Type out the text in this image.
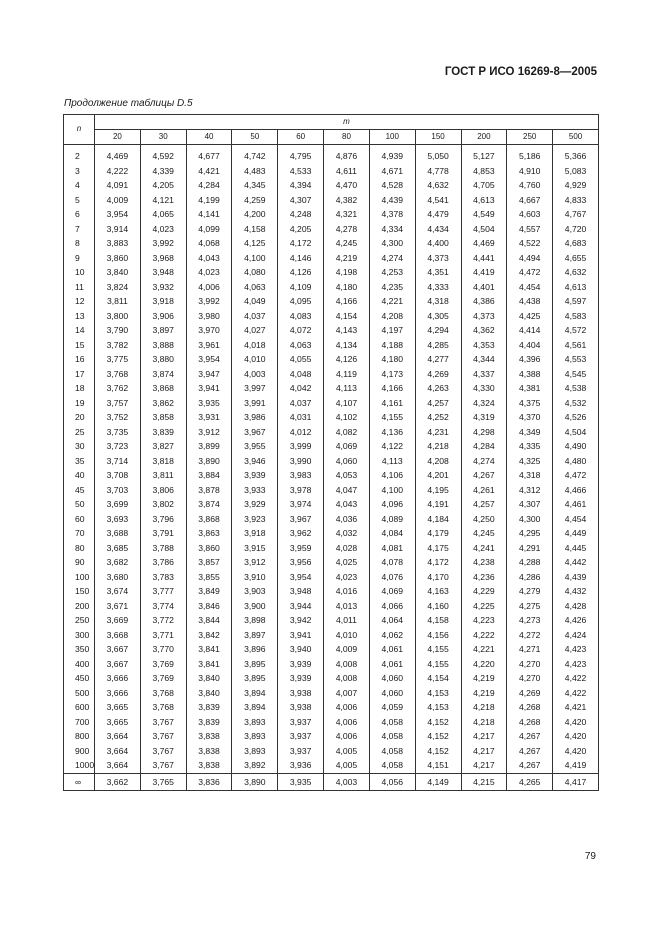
ГОСТ Р ИСО 16269-8—2005
Продолжение таблицы D.5
n	m										
	20	30	40	50	60	80	100	150	200	250	500

2	4,469	4,592	4,677	4,742	4,795	4,876	4,939	5,050	5,127	5,186	5,366
3	4,222	4,339	4,421	4,483	4,533	4,611	4,671	4,778	4,853	4,910	5,083
4	4,091	4,205	4,284	4,345	4,394	4,470	4,528	4,632	4,705	4,760	4,929
5	4,009	4,121	4,199	4,259	4,307	4,382	4,439	4,541	4,613	4,667	4,833
6	3,954	4,065	4,141	4,200	4,248	4,321	4,378	4,479	4,549	4,603	4,767
7	3,914	4,023	4,099	4,158	4,205	4,278	4,334	4,434	4,504	4,557	4,720
8	3,883	3,992	4,068	4,125	4,172	4,245	4,300	4,400	4,469	4,522	4,683
9	3,860	3,968	4,043	4,100	4,146	4,219	4,274	4,373	4,441	4,494	4,655
10	3,840	3,948	4,023	4,080	4,126	4,198	4,253	4,351	4,419	4,472	4,632
11	3,824	3,932	4,006	4,063	4,109	4,180	4,235	4,333	4,401	4,454	4,613
12	3,811	3,918	3,992	4,049	4,095	4,166	4,221	4,318	4,386	4,438	4,597
13	3,800	3,906	3,980	4,037	4,083	4,154	4,208	4,305	4,373	4,425	4,583
14	3,790	3,897	3,970	4,027	4,072	4,143	4,197	4,294	4,362	4,414	4,572
15	3,782	3,888	3,961	4,018	4,063	4,134	4,188	4,285	4,353	4,404	4,561
16	3,775	3,880	3,954	4,010	4,055	4,126	4,180	4,277	4,344	4,396	4,553
17	3,768	3,874	3,947	4,003	4,048	4,119	4,173	4,269	4,337	4,388	4,545
18	3,762	3,868	3,941	3,997	4,042	4,113	4,166	4,263	4,330	4,381	4,538
19	3,757	3,862	3,935	3,991	4,037	4,107	4,161	4,257	4,324	4,375	4,532
20	3,752	3,858	3,931	3,986	4,031	4,102	4,155	4,252	4,319	4,370	4,526
25	3,735	3,839	3,912	3,967	4,012	4,082	4,136	4,231	4,298	4,349	4,504
30	3,723	3,827	3,899	3,955	3,999	4,069	4,122	4,218	4,284	4,335	4,490
35	3,714	3,818	3,890	3,946	3,990	4,060	4,113	4,208	4,274	4,325	4,480
40	3,708	3,811	3,884	3,939	3,983	4,053	4,106	4,201	4,267	4,318	4,472
45	3,703	3,806	3,878	3,933	3,978	4,047	4,100	4,195	4,261	4,312	4,466
50	3,699	3,802	3,874	3,929	3,974	4,043	4,096	4,191	4,257	4,307	4,461
60	3,693	3,796	3,868	3,923	3,967	4,036	4,089	4,184	4,250	4,300	4,454
70	3,688	3,791	3,863	3,918	3,962	4,032	4,084	4,179	4,245	4,295	4,449
80	3,685	3,788	3,860	3,915	3,959	4,028	4,081	4,175	4,241	4,291	4,445
90	3,682	3,786	3,857	3,912	3,956	4,025	4,078	4,172	4,238	4,288	4,442
100	3,680	3,783	3,855	3,910	3,954	4,023	4,076	4,170	4,236	4,286	4,439
150	3,674	3,777	3,849	3,903	3,948	4,016	4,069	4,163	4,229	4,279	4,432
200	3,671	3,774	3,846	3,900	3,944	4,013	4,066	4,160	4,225	4,275	4,428
250	3,669	3,772	3,844	3,898	3,942	4,011	4,064	4,158	4,223	4,273	4,426
300	3,668	3,771	3,842	3,897	3,941	4,010	4,062	4,156	4,222	4,272	4,424
350	3,667	3,770	3,841	3,896	3,940	4,009	4,061	4,155	4,221	4,271	4,423
400	3,667	3,769	3,841	3,895	3,939	4,008	4,061	4,155	4,220	4,270	4,423
450	3,666	3,769	3,840	3,895	3,939	4,008	4,060	4,154	4,219	4,270	4,422
500	3,666	3,768	3,840	3,894	3,938	4,007	4,060	4,153	4,219	4,269	4,422
600	3,665	3,768	3,839	3,894	3,938	4,006	4,059	4,153	4,218	4,268	4,421
700	3,665	3,767	3,839	3,893	3,937	4,006	4,058	4,152	4,218	4,268	4,420
800	3,664	3,767	3,838	3,893	3,937	4,006	4,058	4,152	4,217	4,267	4,420
900	3,664	3,767	3,838	3,893	3,937	4,005	4,058	4,152	4,217	4,267	4,420
1000	3,664	3,767	3,838	3,892	3,936	4,005	4,058	4,151	4,217	4,267	4,419
∞	3,662	3,765	3,836	3,890	3,935	4,003	4,056	4,149	4,215	4,265	4,417
79
